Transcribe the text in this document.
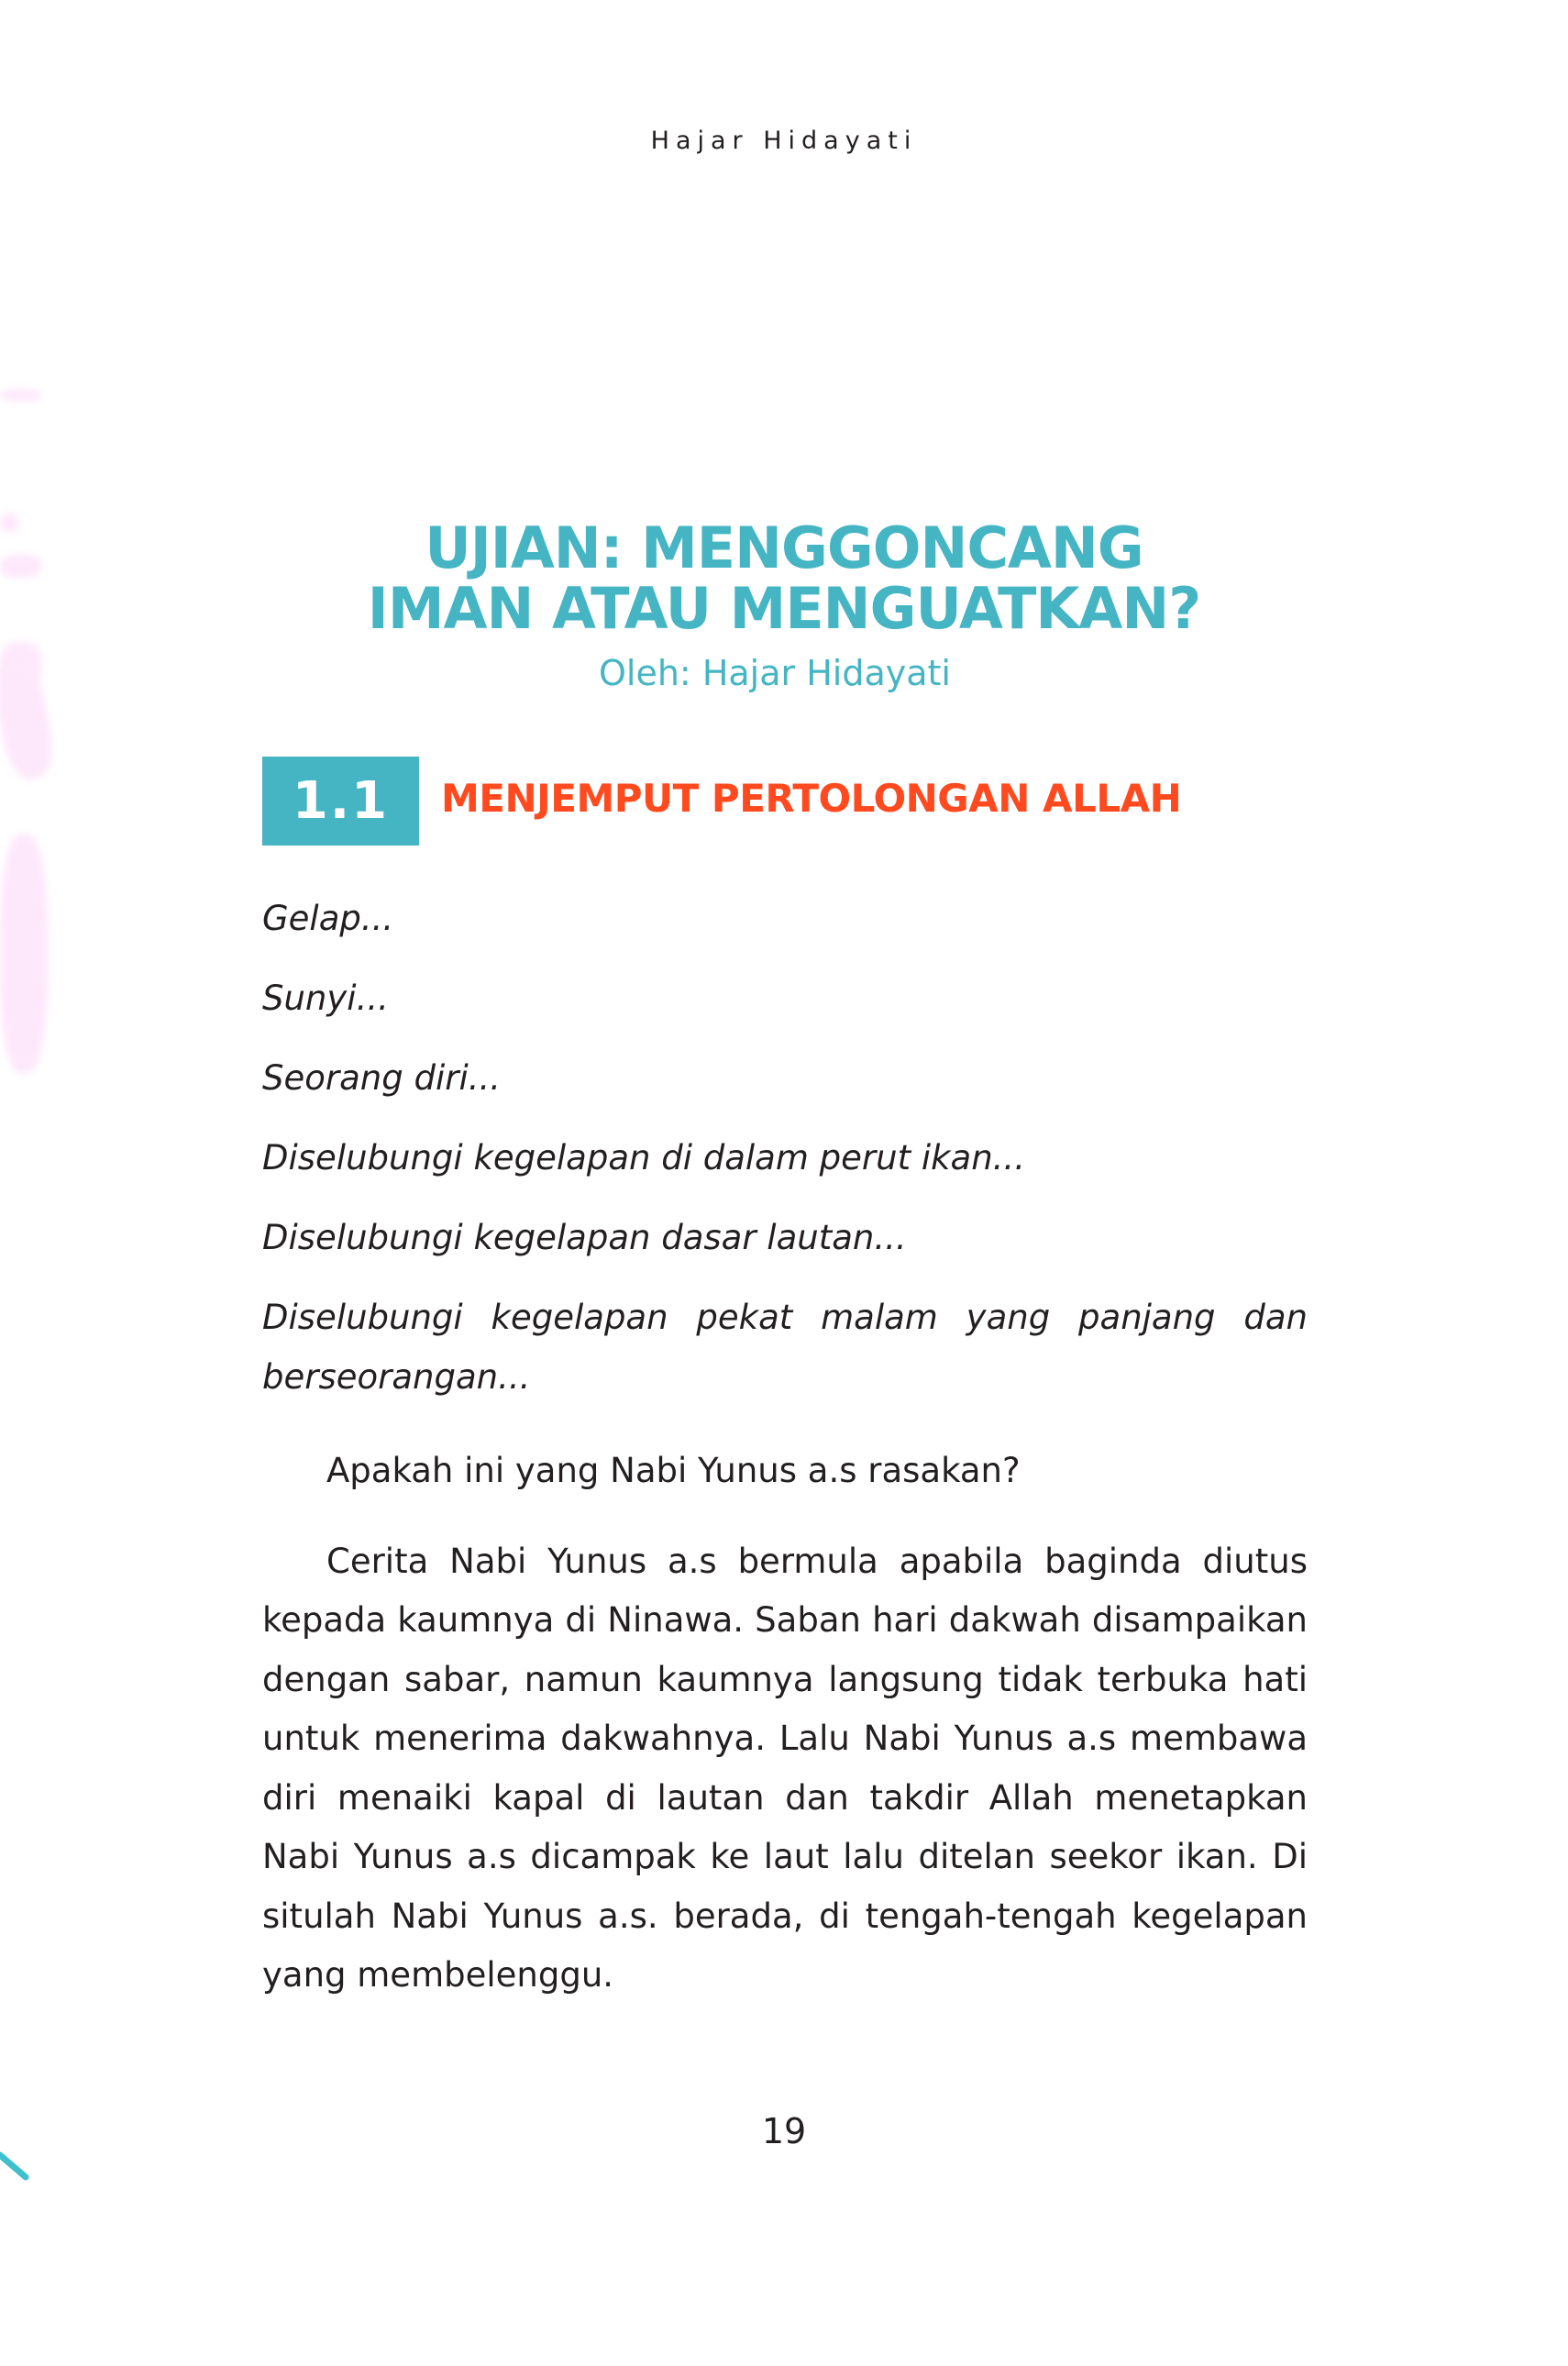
Hajar Hidayati
UJIAN: MENGGONCANG
IMAN ATAU MENGUATKAN?
Oleh: Hajar Hidayati
1.1	MENJEMPUT PERTOLONGAN ALLAH
Gelap...
Sunyi...
Seorang diri...
Diselubungi kegelapan di dalam perut ikan...
Diselubungi kegelapan dasar lautan...
Diselubungi kegelapan pekat malam yang panjang dan berseorangan...

Apakah ini yang Nabi Yunus a.s rasakan?

Cerita Nabi Yunus a.s bermula apabila baginda diutus kepada kaumnya di Ninawa. Saban hari dakwah disampaikan dengan sabar, namun kaumnya langsung tidak terbuka hati untuk menerima dakwahnya. Lalu Nabi Yunus a.s membawa diri menaiki kapal di lautan dan takdir Allah menetapkan Nabi Yunus a.s dicampak ke laut lalu ditelan seekor ikan. Di situlah Nabi Yunus a.s. berada, di tengah-tengah kegelapan yang membelenggu.

19
